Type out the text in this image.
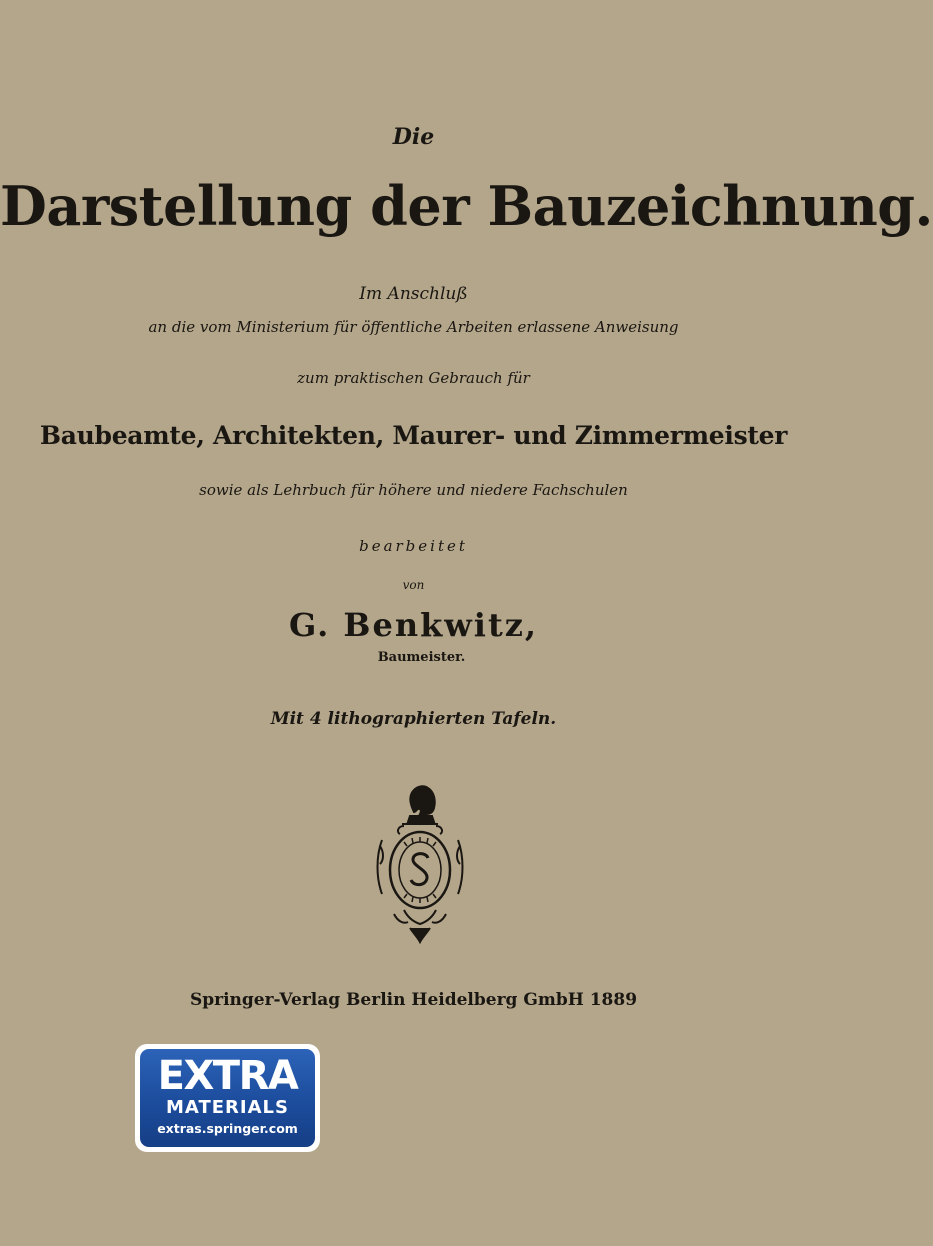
Die
Darstellung der Bauzeichnung.
Im Anschluß
an die vom Ministerium für öffentliche Arbeiten erlassene Anweisung
zum praktischen Gebrauch für
Baubeamte, Architekten, Maurer- und Zimmermeister
sowie als Lehrbuch für höhere und niedere Fachschulen
bearbeitet
von
G. Benkwitz,
Baumeister.
Mit 4 lithographierten Tafeln.
Springer-Verlag Berlin Heidelberg GmbH 1889
EXTRA
MATERIALS
extras.springer.com
